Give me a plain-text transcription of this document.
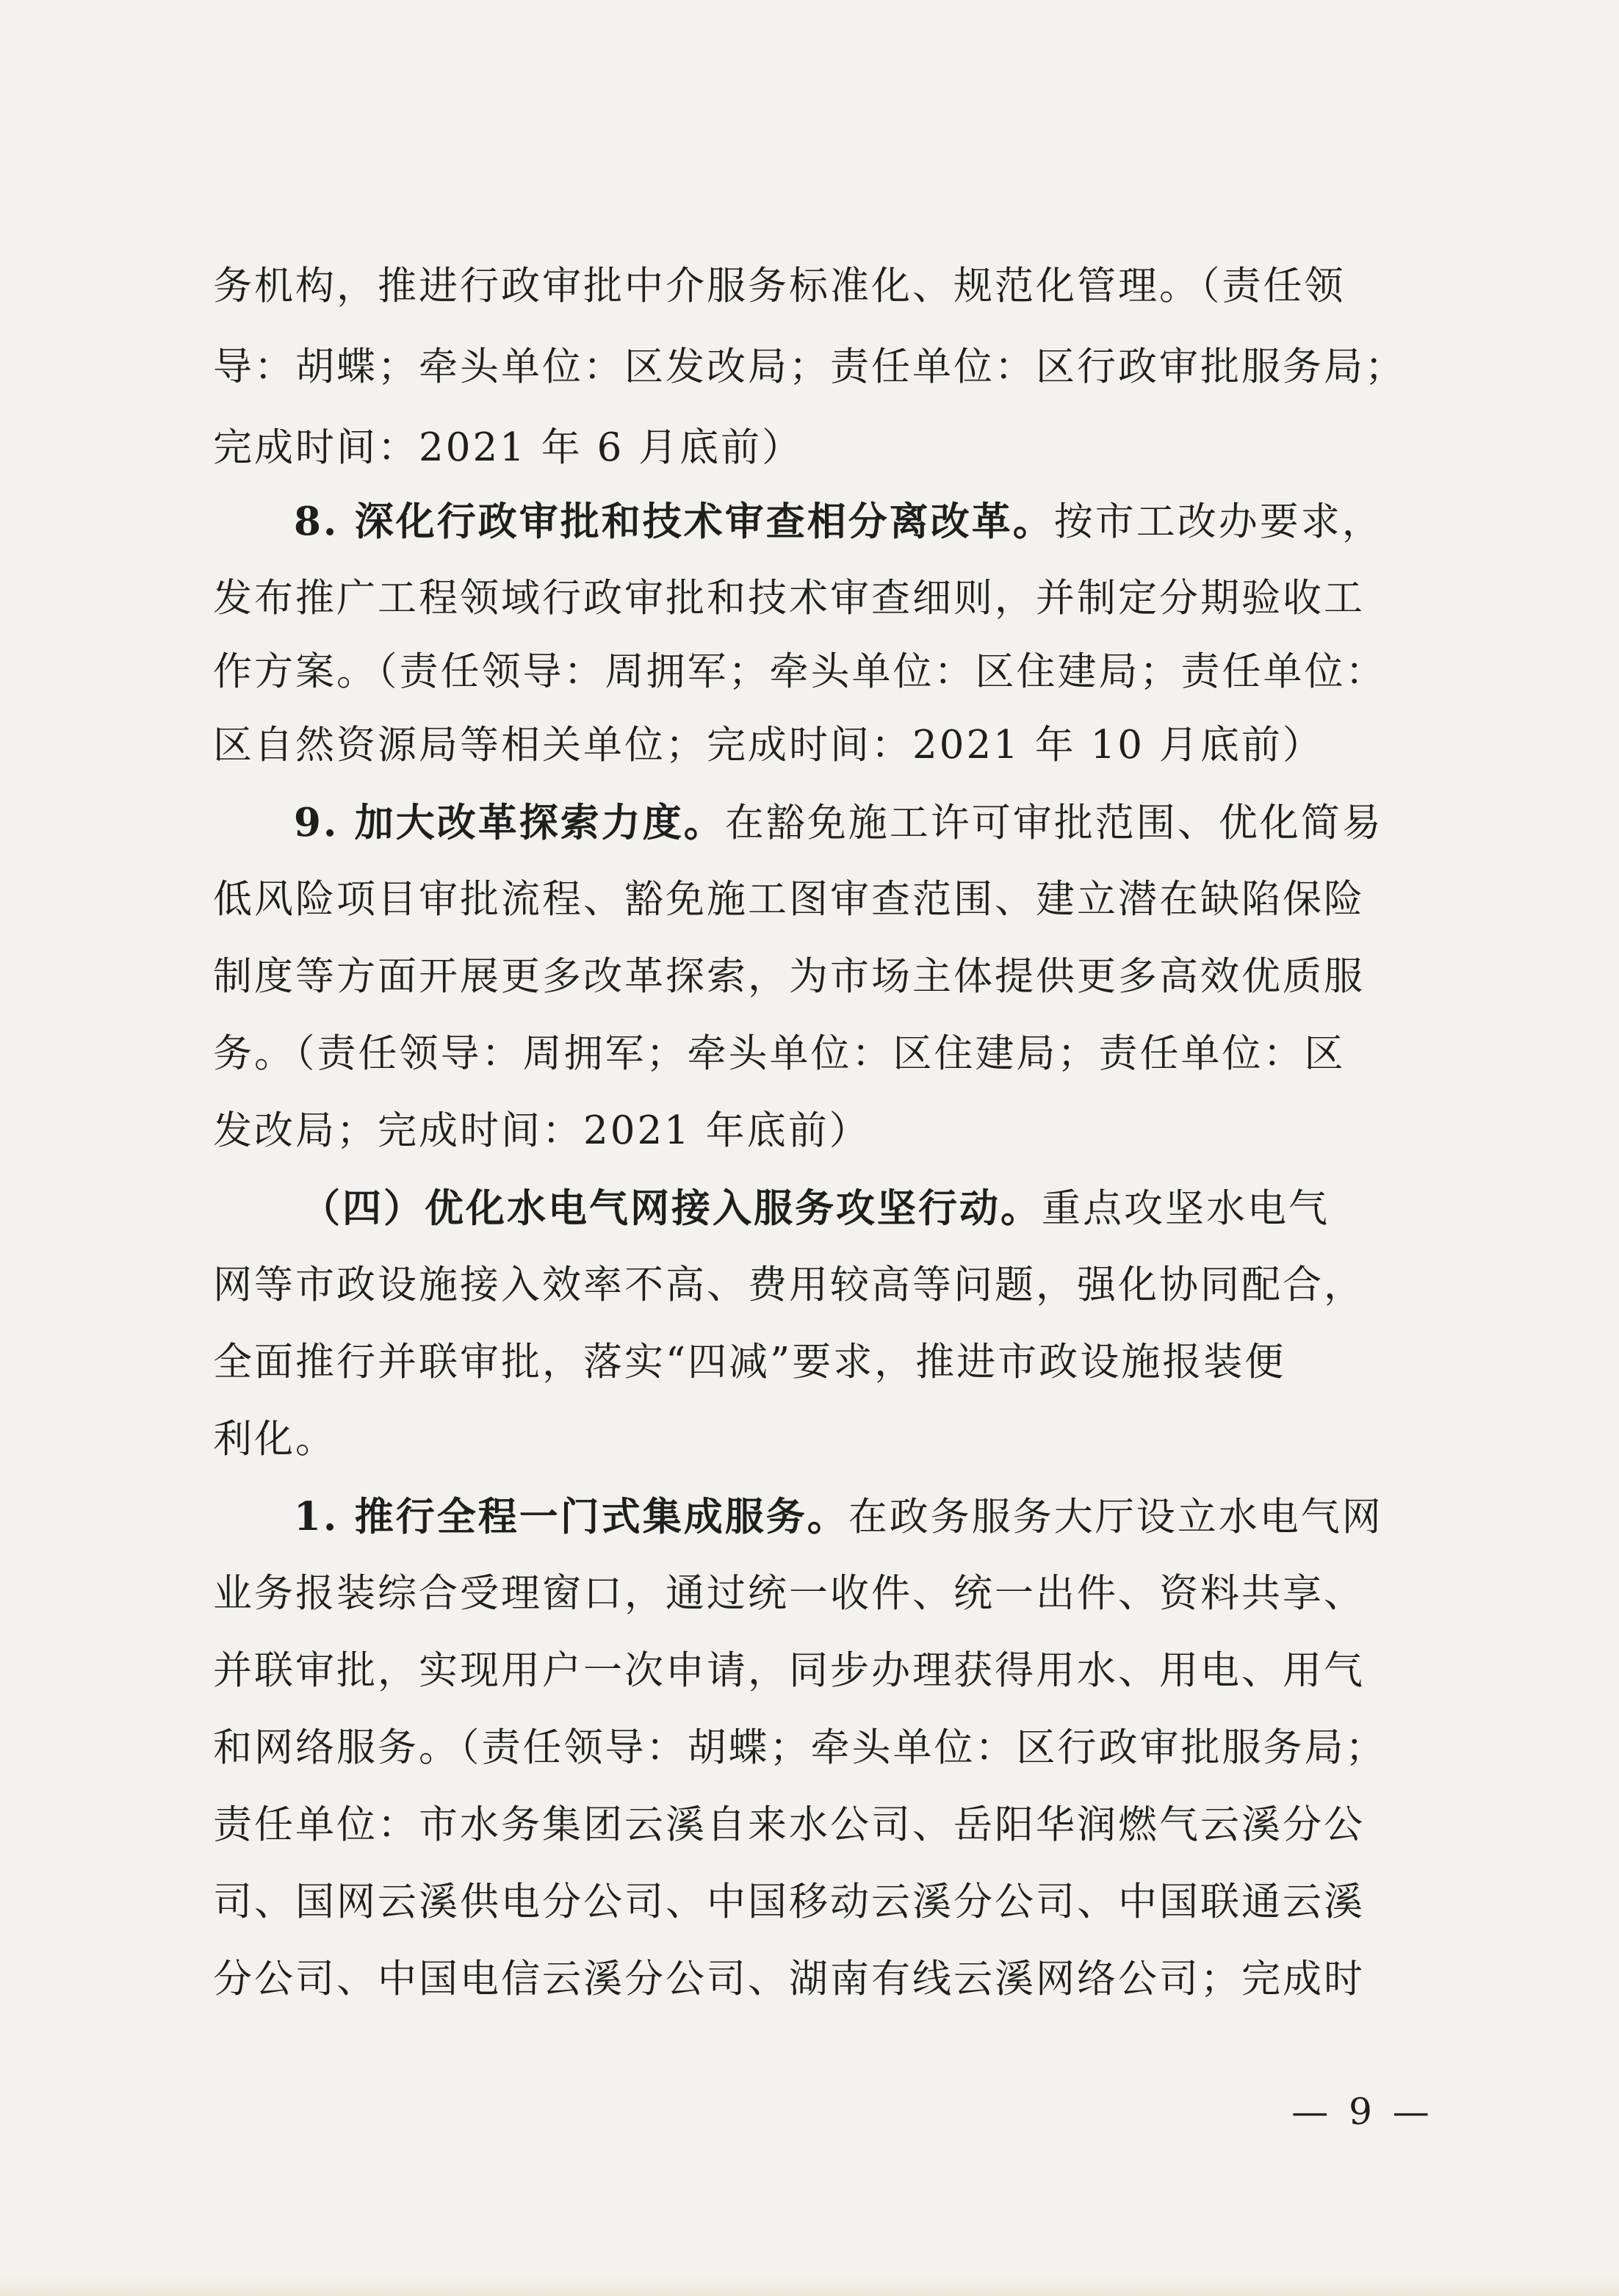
务机构，推进行政审批中介服务标准化、规范化管理。（责任领
导：胡蝶；牵头单位：区发改局；责任单位：区行政审批服务局；
完成时间：2021 年 6 月底前）
8. 深化行政审批和技术审查相分离改革。按市工改办要求，
发布推广工程领域行政审批和技术审查细则，并制定分期验收工
作方案。（责任领导：周拥军；牵头单位：区住建局；责任单位：
区自然资源局等相关单位；完成时间：2021 年 10 月底前）
9. 加大改革探索力度。在豁免施工许可审批范围、优化简易
低风险项目审批流程、豁免施工图审查范围、建立潜在缺陷保险
制度等方面开展更多改革探索，为市场主体提供更多高效优质服
务。（责任领导：周拥军；牵头单位：区住建局；责任单位：区
发改局；完成时间：2021 年底前）
（四）优化水电气网接入服务攻坚行动。重点攻坚水电气
网等市政设施接入效率不高、费用较高等问题，强化协同配合，
全面推行并联审批，落实“四减”要求，推进市政设施报装便
利化。
1. 推行全程一门式集成服务。在政务服务大厅设立水电气网
业务报装综合受理窗口，通过统一收件、统一出件、资料共享、
并联审批，实现用户一次申请，同步办理获得用水、用电、用气
和网络服务。（责任领导：胡蝶；牵头单位：区行政审批服务局；
责任单位：市水务集团云溪自来水公司、岳阳华润燃气云溪分公
司、国网云溪供电分公司、中国移动云溪分公司、中国联通云溪
分公司、中国电信云溪分公司、湖南有线云溪网络公司；完成时
— 9 —
